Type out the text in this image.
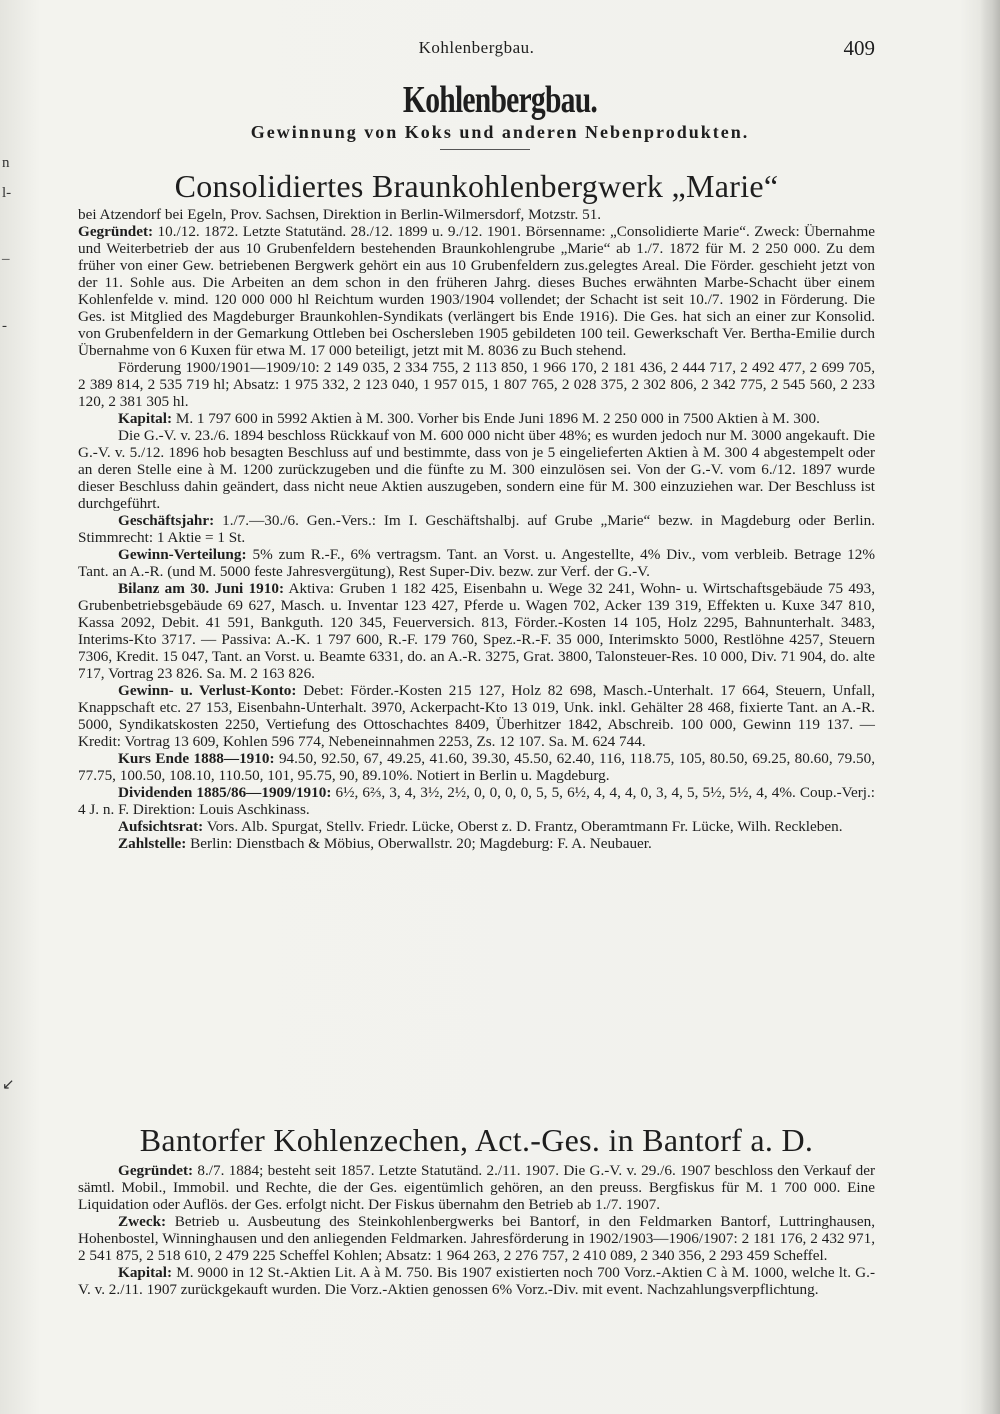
n
l-
_
-
↙
Kohlenbergbau.	409
Kohlenbergbau.
Gewinnung von Koks und anderen Nebenprodukten.
Consolidiertes Braunkohlenbergwerk „Marie“

bei Atzendorf bei Egeln, Prov. Sachsen, Direktion in Berlin-Wilmersdorf, Motzstr. 51.

Gegründet: 10./12. 1872. Letzte Statutänd. 28./12. 1899 u. 9./12. 1901. Börsenname: „Consolidierte Marie“. Zweck: Übernahme und Weiterbetrieb der aus 10 Grubenfeldern bestehenden Braunkohlengrube „Marie“ ab 1./7. 1872 für M. 2 250 000. Zu dem früher von einer Gew. betriebenen Bergwerk gehört ein aus 10 Grubenfeldern zus.gelegtes Areal. Die Förder. geschieht jetzt von der 11. Sohle aus. Die Arbeiten an dem schon in den früheren Jahrg. dieses Buches erwähnten Marbe-Schacht über einem Kohlenfelde v. mind. 120 000 000 hl Reichtum wurden 1903/1904 vollendet; der Schacht ist seit 10./7. 1902 in Förderung. Die Ges. ist Mitglied des Magdeburger Braunkohlen-Syndikats (verlängert bis Ende 1916). Die Ges. hat sich an einer zur Konsolid. von Grubenfeldern in der Gemarkung Ottleben bei Oschersleben 1905 gebildeten 100 teil. Gewerkschaft Ver. Bertha-Emilie durch Übernahme von 6 Kuxen für etwa M. 17 000 beteiligt, jetzt mit M. 8036 zu Buch stehend.

Förderung 1900/1901—1909/10: 2 149 035, 2 334 755, 2 113 850, 1 966 170, 2 181 436, 2 444 717, 2 492 477, 2 699 705, 2 389 814, 2 535 719 hl; Absatz: 1 975 332, 2 123 040, 1 957 015, 1 807 765, 2 028 375, 2 302 806, 2 342 775, 2 545 560, 2 233 120, 2 381 305 hl.

Kapital: M. 1 797 600 in 5992 Aktien à M. 300. Vorher bis Ende Juni 1896 M. 2 250 000 in 7500 Aktien à M. 300.

Die G.-V. v. 23./6. 1894 beschloss Rückkauf von M. 600 000 nicht über 48%; es wurden jedoch nur M. 3000 angekauft. Die G.-V. v. 5./12. 1896 hob besagten Beschluss auf und bestimmte, dass von je 5 eingelieferten Aktien à M. 300 4 abgestempelt oder an deren Stelle eine à M. 1200 zurückzugeben und die fünfte zu M. 300 einzulösen sei. Von der G.-V. vom 6./12. 1897 wurde dieser Beschluss dahin geändert, dass nicht neue Aktien auszugeben, sondern eine für M. 300 einzuziehen war. Der Beschluss ist durchgeführt.

Geschäftsjahr: 1./7.—30./6. Gen.-Vers.: Im I. Geschäftshalbj. auf Grube „Marie“ bezw. in Magdeburg oder Berlin. Stimmrecht: 1 Aktie = 1 St.

Gewinn-Verteilung: 5% zum R.-F., 6% vertragsm. Tant. an Vorst. u. Angestellte, 4% Div., vom verbleib. Betrage 12% Tant. an A.-R. (und M. 5000 feste Jahresvergütung), Rest Super-Div. bezw. zur Verf. der G.-V.

Bilanz am 30. Juni 1910: Aktiva: Gruben 1 182 425, Eisenbahn u. Wege 32 241, Wohn- u. Wirtschaftsgebäude 75 493, Grubenbetriebsgebäude 69 627, Masch. u. Inventar 123 427, Pferde u. Wagen 702, Acker 139 319, Effekten u. Kuxe 347 810, Kassa 2092, Debit. 41 591, Bankguth. 120 345, Feuerversich. 813, Förder.-Kosten 14 105, Holz 2295, Bahnunterhalt. 3483, Interims-Kto 3717. — Passiva: A.-K. 1 797 600, R.-F. 179 760, Spez.-R.-F. 35 000, Interimskto 5000, Restlöhne 4257, Steuern 7306, Kredit. 15 047, Tant. an Vorst. u. Beamte 6331, do. an A.-R. 3275, Grat. 3800, Talonsteuer-Res. 10 000, Div. 71 904, do. alte 717, Vortrag 23 826. Sa. M. 2 163 826.

Gewinn- u. Verlust-Konto: Debet: Förder.-Kosten 215 127, Holz 82 698, Masch.-Unterhalt. 17 664, Steuern, Unfall, Knappschaft etc. 27 153, Eisenbahn-Unterhalt. 3970, Ackerpacht-Kto 13 019, Unk. inkl. Gehälter 28 468, fixierte Tant. an A.-R. 5000, Syndikatskosten 2250, Vertiefung des Ottoschachtes 8409, Überhitzer 1842, Abschreib. 100 000, Gewinn 119 137. — Kredit: Vortrag 13 609, Kohlen 596 774, Nebeneinnahmen 2253, Zs. 12 107. Sa. M. 624 744.

Kurs Ende 1888—1910: 94.50, 92.50, 67, 49.25, 41.60, 39.30, 45.50, 62.40, 116, 118.75, 105, 80.50, 69.25, 80.60, 79.50, 77.75, 100.50, 108.10, 110.50, 101, 95.75, 90, 89.10%. Notiert in Berlin u. Magdeburg.

Dividenden 1885/86—1909/1910: 6½, 6⅔, 3, 4, 3½, 2½, 0, 0, 0, 0, 5, 5, 6½, 4, 4, 4, 0, 3, 4, 5, 5½, 5½, 4, 4%. Coup.-Verj.: 4 J. n. F. Direktion: Louis Aschkinass.

Aufsichtsrat: Vors. Alb. Spurgat, Stellv. Friedr. Lücke, Oberst z. D. Frantz, Oberamtmann Fr. Lücke, Wilh. Reckleben.

Zahlstelle: Berlin: Dienstbach & Möbius, Oberwallstr. 20; Magdeburg: F. A. Neubauer.

Bantorfer Kohlenzechen, Act.-Ges. in Bantorf a. D.

Gegründet: 8./7. 1884; besteht seit 1857. Letzte Statutänd. 2./11. 1907. Die G.-V. v. 29./6. 1907 beschloss den Verkauf der sämtl. Mobil., Immobil. und Rechte, die der Ges. eigentümlich gehören, an den preuss. Bergfiskus für M. 1 700 000. Eine Liquidation oder Auflös. der Ges. erfolgt nicht. Der Fiskus übernahm den Betrieb ab 1./7. 1907.

Zweck: Betrieb u. Ausbeutung des Steinkohlenbergwerks bei Bantorf, in den Feldmarken Bantorf, Luttringhausen, Hohenbostel, Winninghausen und den anliegenden Feldmarken. Jahresförderung in 1902/1903—1906/1907: 2 181 176, 2 432 971, 2 541 875, 2 518 610, 2 479 225 Scheffel Kohlen; Absatz: 1 964 263, 2 276 757, 2 410 089, 2 340 356, 2 293 459 Scheffel.

Kapital: M. 9000 in 12 St.-Aktien Lit. A à M. 750. Bis 1907 existierten noch 700 Vorz.-Aktien C à M. 1000, welche lt. G.-V. v. 2./11. 1907 zurückgekauft wurden. Die Vorz.-Aktien genossen 6% Vorz.-Div. mit event. Nachzahlungsverpflichtung.
